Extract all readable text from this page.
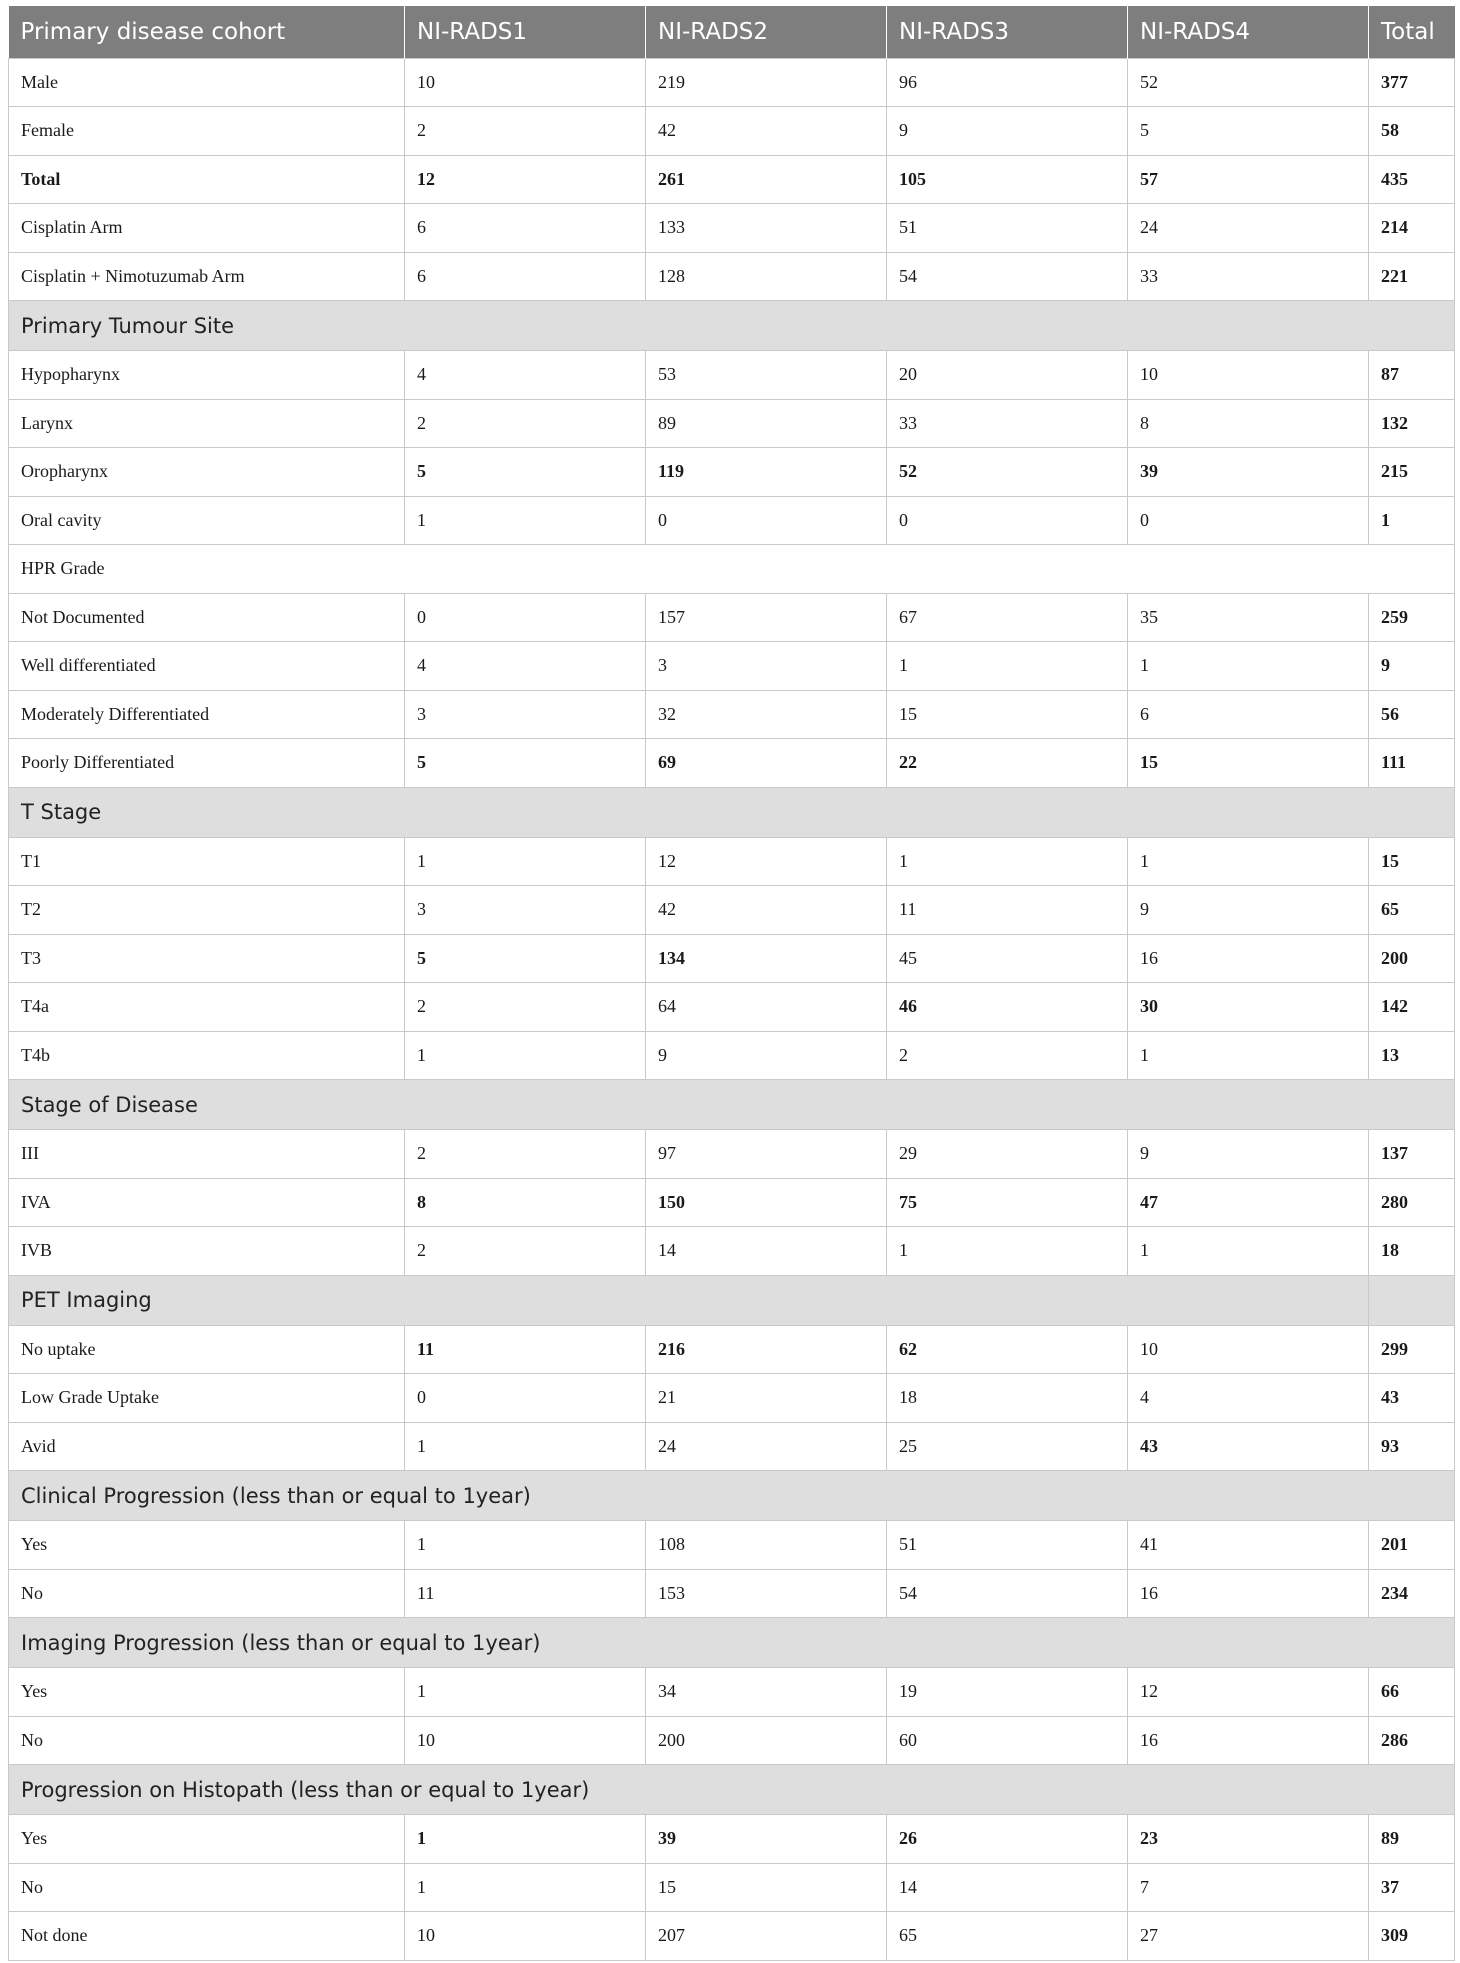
Primary disease cohort	NI-RADS1	NI-RADS2	NI-RADS3	NI-RADS4	Total
Male	10	219	96	52	377
Female	2	42	9	5	58
Total	12	261	105	57	435
Cisplatin Arm	6	133	51	24	214
Cisplatin + Nimotuzumab Arm	6	128	54	33	221
Primary Tumour Site					
Hypopharynx	4	53	20	10	87
Larynx	2	89	33	8	132
Oropharynx	5	119	52	39	215
Oral cavity	1	0	0	0	1
HPR Grade					
Not Documented	0	157	67	35	259
Well differentiated	4	3	1	1	9
Moderately Differentiated	3	32	15	6	56
Poorly Differentiated	5	69	22	15	111
T Stage					
T1	1	12	1	1	15
T2	3	42	11	9	65
T3	5	134	45	16	200
T4a	2	64	46	30	142
T4b	1	9	2	1	13
Stage of Disease					
III	2	97	29	9	137
IVA	8	150	75	47	280
IVB	2	14	1	1	18
PET Imaging					
No uptake	11	216	62	10	299
Low Grade Uptake	0	21	18	4	43
Avid	1	24	25	43	93
Clinical Progression (less than or equal to 1year)					
Yes	1	108	51	41	201
No	11	153	54	16	234
Imaging Progression (less than or equal to 1year)					
Yes	1	34	19	12	66
No	10	200	60	16	286
Progression on Histopath (less than or equal to 1year)					
Yes	1	39	26	23	89
No	1	15	14	7	37
Not done	10	207	65	27	309
